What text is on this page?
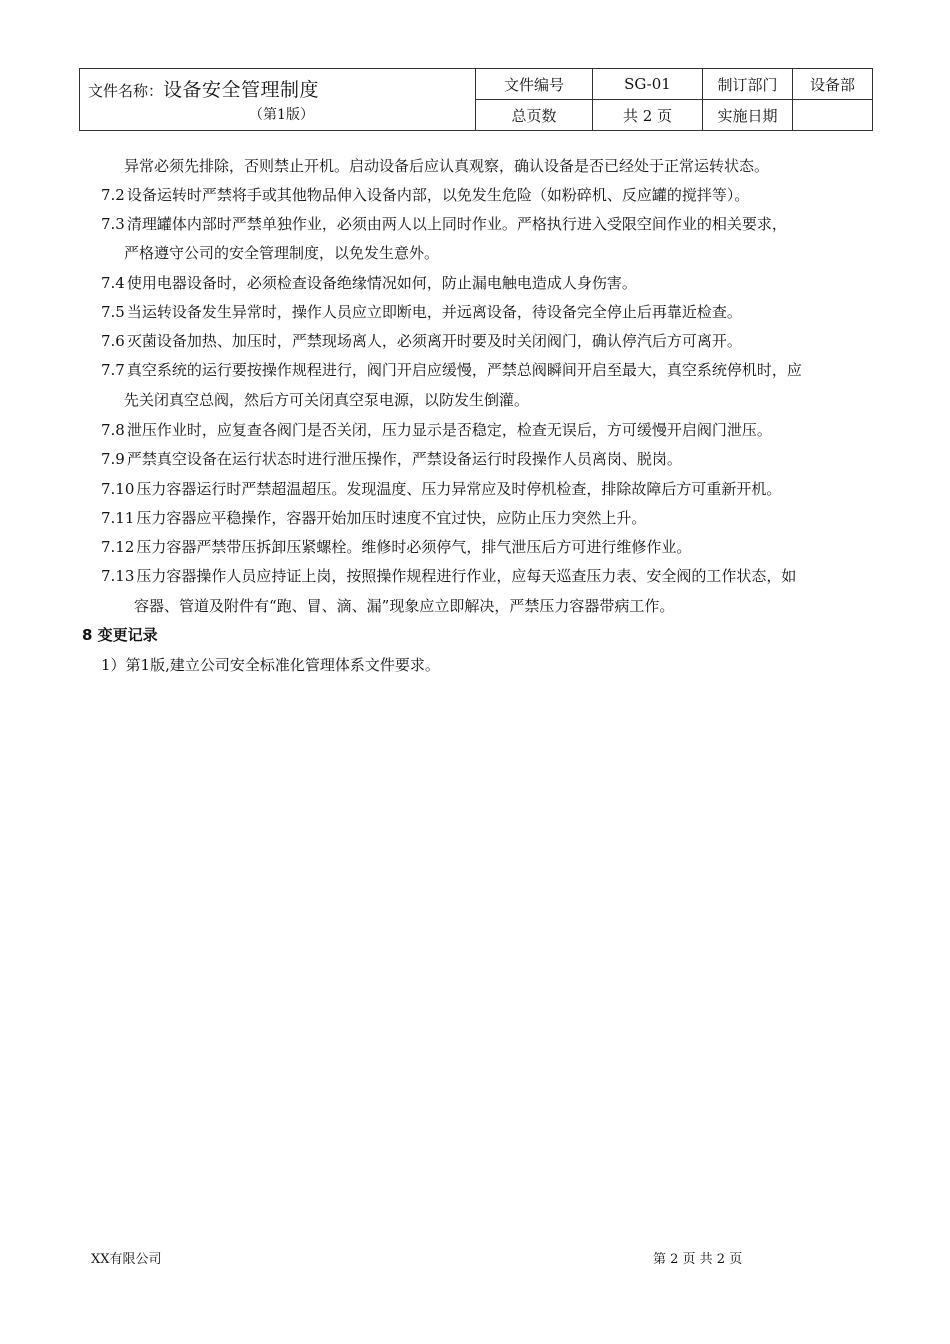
文件名称：设备安全管理制度
（第1版）	文件编号	SG-01	制订部门	设备部
	总页数	共 2 页	实施日期	
异常必须先排除，否则禁止开机。启动设备后应认真观察，确认设备是否已经处于正常运转状态。
7.2 设备运转时严禁将手或其他物品伸入设备内部，以免发生危险（如粉碎机、反应罐的搅拌等）。
7.3 清理罐体内部时严禁单独作业，必须由两人以上同时作业。严格执行进入受限空间作业的相关要求，
严格遵守公司的安全管理制度，以免发生意外。
7.4 使用电器设备时，必须检查设备绝缘情况如何，防止漏电触电造成人身伤害。
7.5 当运转设备发生异常时，操作人员应立即断电，并远离设备，待设备完全停止后再靠近检查。
7.6 灭菌设备加热、加压时，严禁现场离人，必须离开时要及时关闭阀门，确认停汽后方可离开。
7.7 真空系统的运行要按操作规程进行，阀门开启应缓慢，严禁总阀瞬间开启至最大，真空系统停机时，应
先关闭真空总阀，然后方可关闭真空泵电源，以防发生倒灌。
7.8 泄压作业时，应复查各阀门是否关闭，压力显示是否稳定，检查无误后，方可缓慢开启阀门泄压。
7.9 严禁真空设备在运行状态时进行泄压操作，严禁设备运行时段操作人员离岗、脱岗。
7.10 压力容器运行时严禁超温超压。发现温度、压力异常应及时停机检查，排除故障后方可重新开机。
7.11 压力容器应平稳操作，容器开始加压时速度不宜过快，应防止压力突然上升。
7.12 压力容器严禁带压拆卸压紧螺栓。维修时必须停气，排气泄压后方可进行维修作业。
7.13 压力容器操作人员应持证上岗，按照操作规程进行作业，应每天巡查压力表、安全阀的工作状态，如
容器、管道及附件有“跑、冒、滴、漏”现象应立即解决，严禁压力容器带病工作。
8 变更记录
1）第1版,建立公司安全标准化管理体系文件要求。
XX有限公司	第 2 页 共 2 页
